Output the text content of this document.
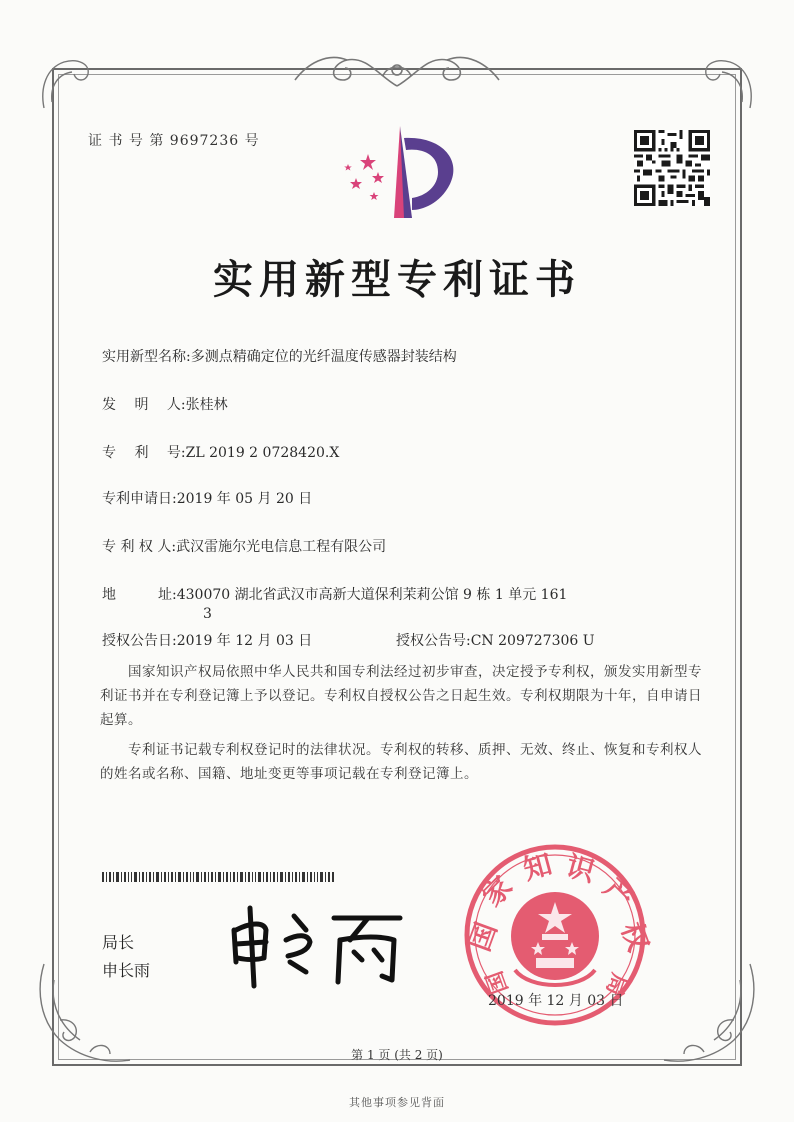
证 书 号 第 9697236 号
实用新型专利证书
实用新型名称:多测点精确定位的光纤温度传感器封装结构
发　 明　 人:张桂林
专　 利　 号:ZL 2019 2 0728420.X
专利申请日:2019 年 05 月 20 日
专 利 权 人:武汉雷施尔光电信息工程有限公司
地　　　址:430070 湖北省武汉市高新大道保利茉莉公馆 9 栋 1 单元 161
3
授权公告日:2019 年 12 月 03 日	授权公告号:CN 209727306 U
国家知识产权局依照中华人民共和国专利法经过初步审查，决定授予专利权，颁发实用新型专利证书并在专利登记簿上予以登记。专利权自授权公告之日起生效。专利权期限为十年，自申请日起算。
专利证书记载专利权登记时的法律状况。专利权的转移、质押、无效、终止、恢复和专利权人的姓名或名称、国籍、地址变更等事项记载在专利登记簿上。
局长
申长雨
国
家
知 识
产
权
国	局
2019 年 12 月 03 日
第 1 页 (共 2 页)
其他事项参见背面
